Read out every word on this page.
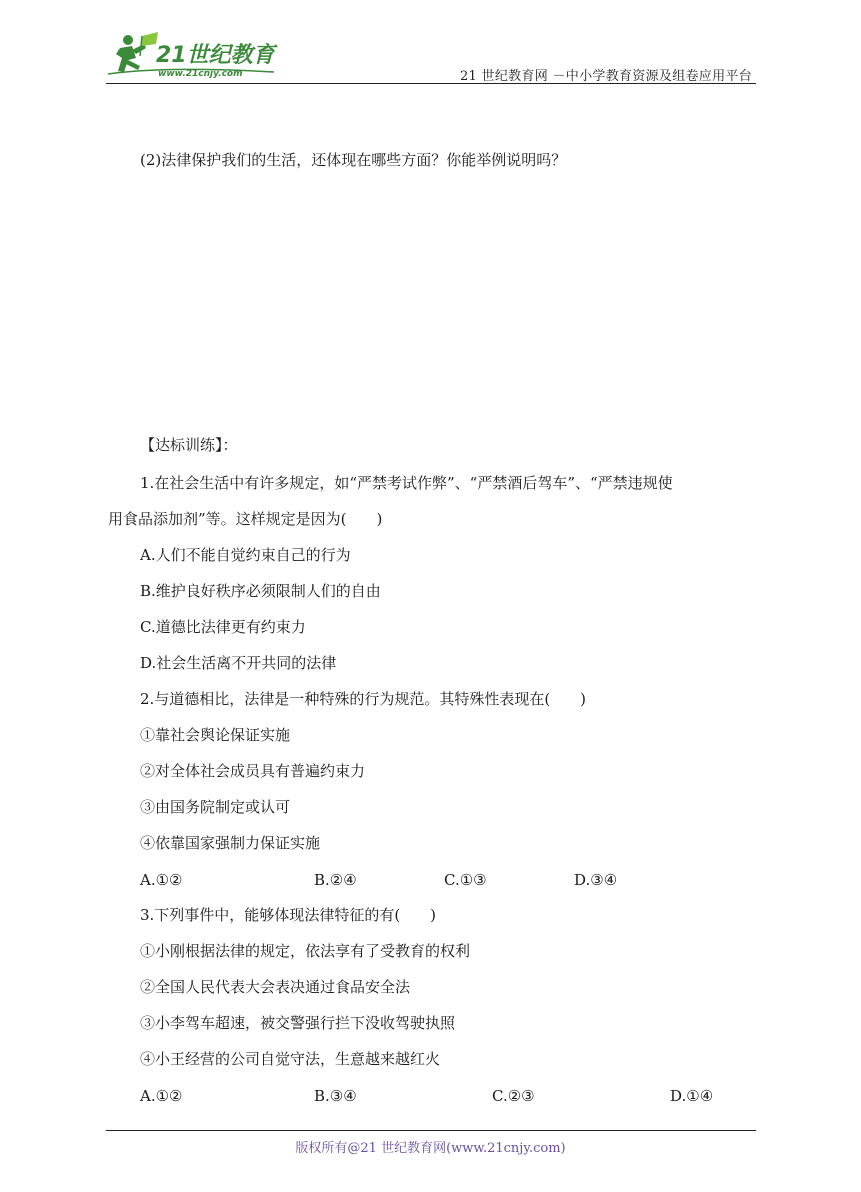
21世纪教育
www.21cnjy.com	21 世纪教育网 －中小学教育资源及组卷应用平台
(2)法律保护我们的生活，还体现在哪些方面？你能举例说明吗？
【达标训练】：
1.在社会生活中有许多规定，如“严禁考试作弊”、“严禁酒后驾车”、“严禁违规使
用食品添加剂”等。这样规定是因为(　　)
A.人们不能自觉约束自己的行为
B.维护良好秩序必须限制人们的自由
C.道德比法律更有约束力
D.社会生活离不开共同的法律
2.与道德相比，法律是一种特殊的行为规范。其特殊性表现在(　　)
①靠社会舆论保证实施
②对全体社会成员具有普遍约束力
③由国务院制定或认可
④依靠国家强制力保证实施
A.①②	B.②④	C.①③	D.③④
3.下列事件中，能够体现法律特征的有(　　)
①小刚根据法律的规定，依法享有了受教育的权利
②全国人民代表大会表决通过食品安全法
③小李驾车超速，被交警强行拦下没收驾驶执照
④小王经营的公司自觉守法，生意越来越红火
A.①②	B.③④	C.②③	D.①④
版权所有@21 世纪教育网(www.21cnjy.com)
